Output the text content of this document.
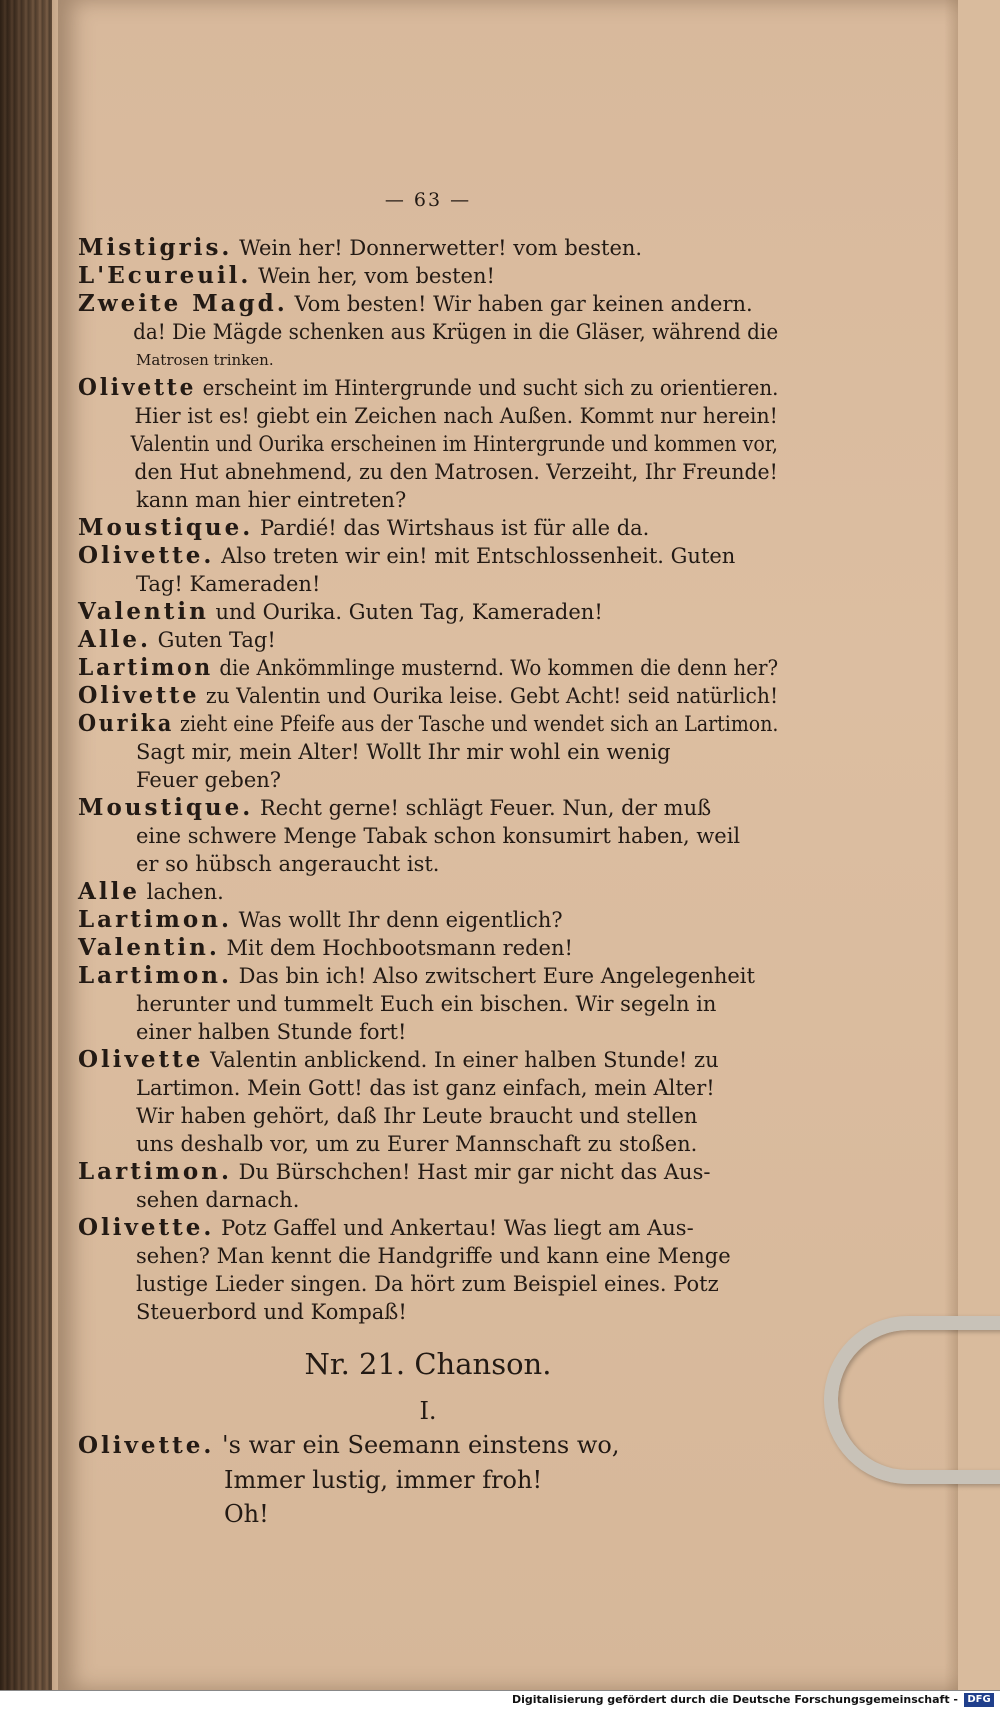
— 63 —
Mistigris. Wein her! Donnerwetter! vom besten.
L'Ecureuil. Wein her, vom besten!
Zweite Magd. Vom besten! Wir haben gar keinen andern.
da! Die Mägde schenken aus Krügen in die Gläser, während die
Matrosen trinken.
Olivette erscheint im Hintergrunde und sucht sich zu orientieren.
Hier ist es! giebt ein Zeichen nach Außen. Kommt nur herein!
Valentin und Ourika erscheinen im Hintergrunde und kommen vor,
den Hut abnehmend, zu den Matrosen. Verzeiht, Ihr Freunde!
kann man hier eintreten?
Moustique. Pardié! das Wirtshaus ist für alle da.
Olivette. Also treten wir ein! mit Entschlossenheit. Guten
Tag! Kameraden!
Valentin und Ourika. Guten Tag, Kameraden!
Alle. Guten Tag!
Lartimon die Ankömmlinge musternd. Wo kommen die denn her?
Olivette zu Valentin und Ourika leise. Gebt Acht! seid natürlich!
Ourika zieht eine Pfeife aus der Tasche und wendet sich an Lartimon.
Sagt mir, mein Alter! Wollt Ihr mir wohl ein wenig
Feuer geben?
Moustique. Recht gerne! schlägt Feuer. Nun, der muß
eine schwere Menge Tabak schon konsumirt haben, weil
er so hübsch angeraucht ist.
Alle lachen.
Lartimon. Was wollt Ihr denn eigentlich?
Valentin. Mit dem Hochbootsmann reden!
Lartimon. Das bin ich! Also zwitschert Eure Angelegenheit
herunter und tummelt Euch ein bischen. Wir segeln in
einer halben Stunde fort!
Olivette Valentin anblickend. In einer halben Stunde! zu
Lartimon. Mein Gott! das ist ganz einfach, mein Alter!
Wir haben gehört, daß Ihr Leute braucht und stellen
uns deshalb vor, um zu Eurer Mannschaft zu stoßen.
Lartimon. Du Bürschchen! Hast mir gar nicht das Aus-
sehen darnach.
Olivette. Potz Gaffel und Ankertau! Was liegt am Aus-
sehen? Man kennt die Handgriffe und kann eine Menge
lustige Lieder singen. Da hört zum Beispiel eines. Potz
Steuerbord und Kompaß!
Nr. 21. Chanson.
I.
Olivette. 's war ein Seemann einstens wo,
Immer lustig, immer froh!
Oh!
Digitalisierung gefördert durch die Deutsche Forschungsgemeinschaft - DFG
